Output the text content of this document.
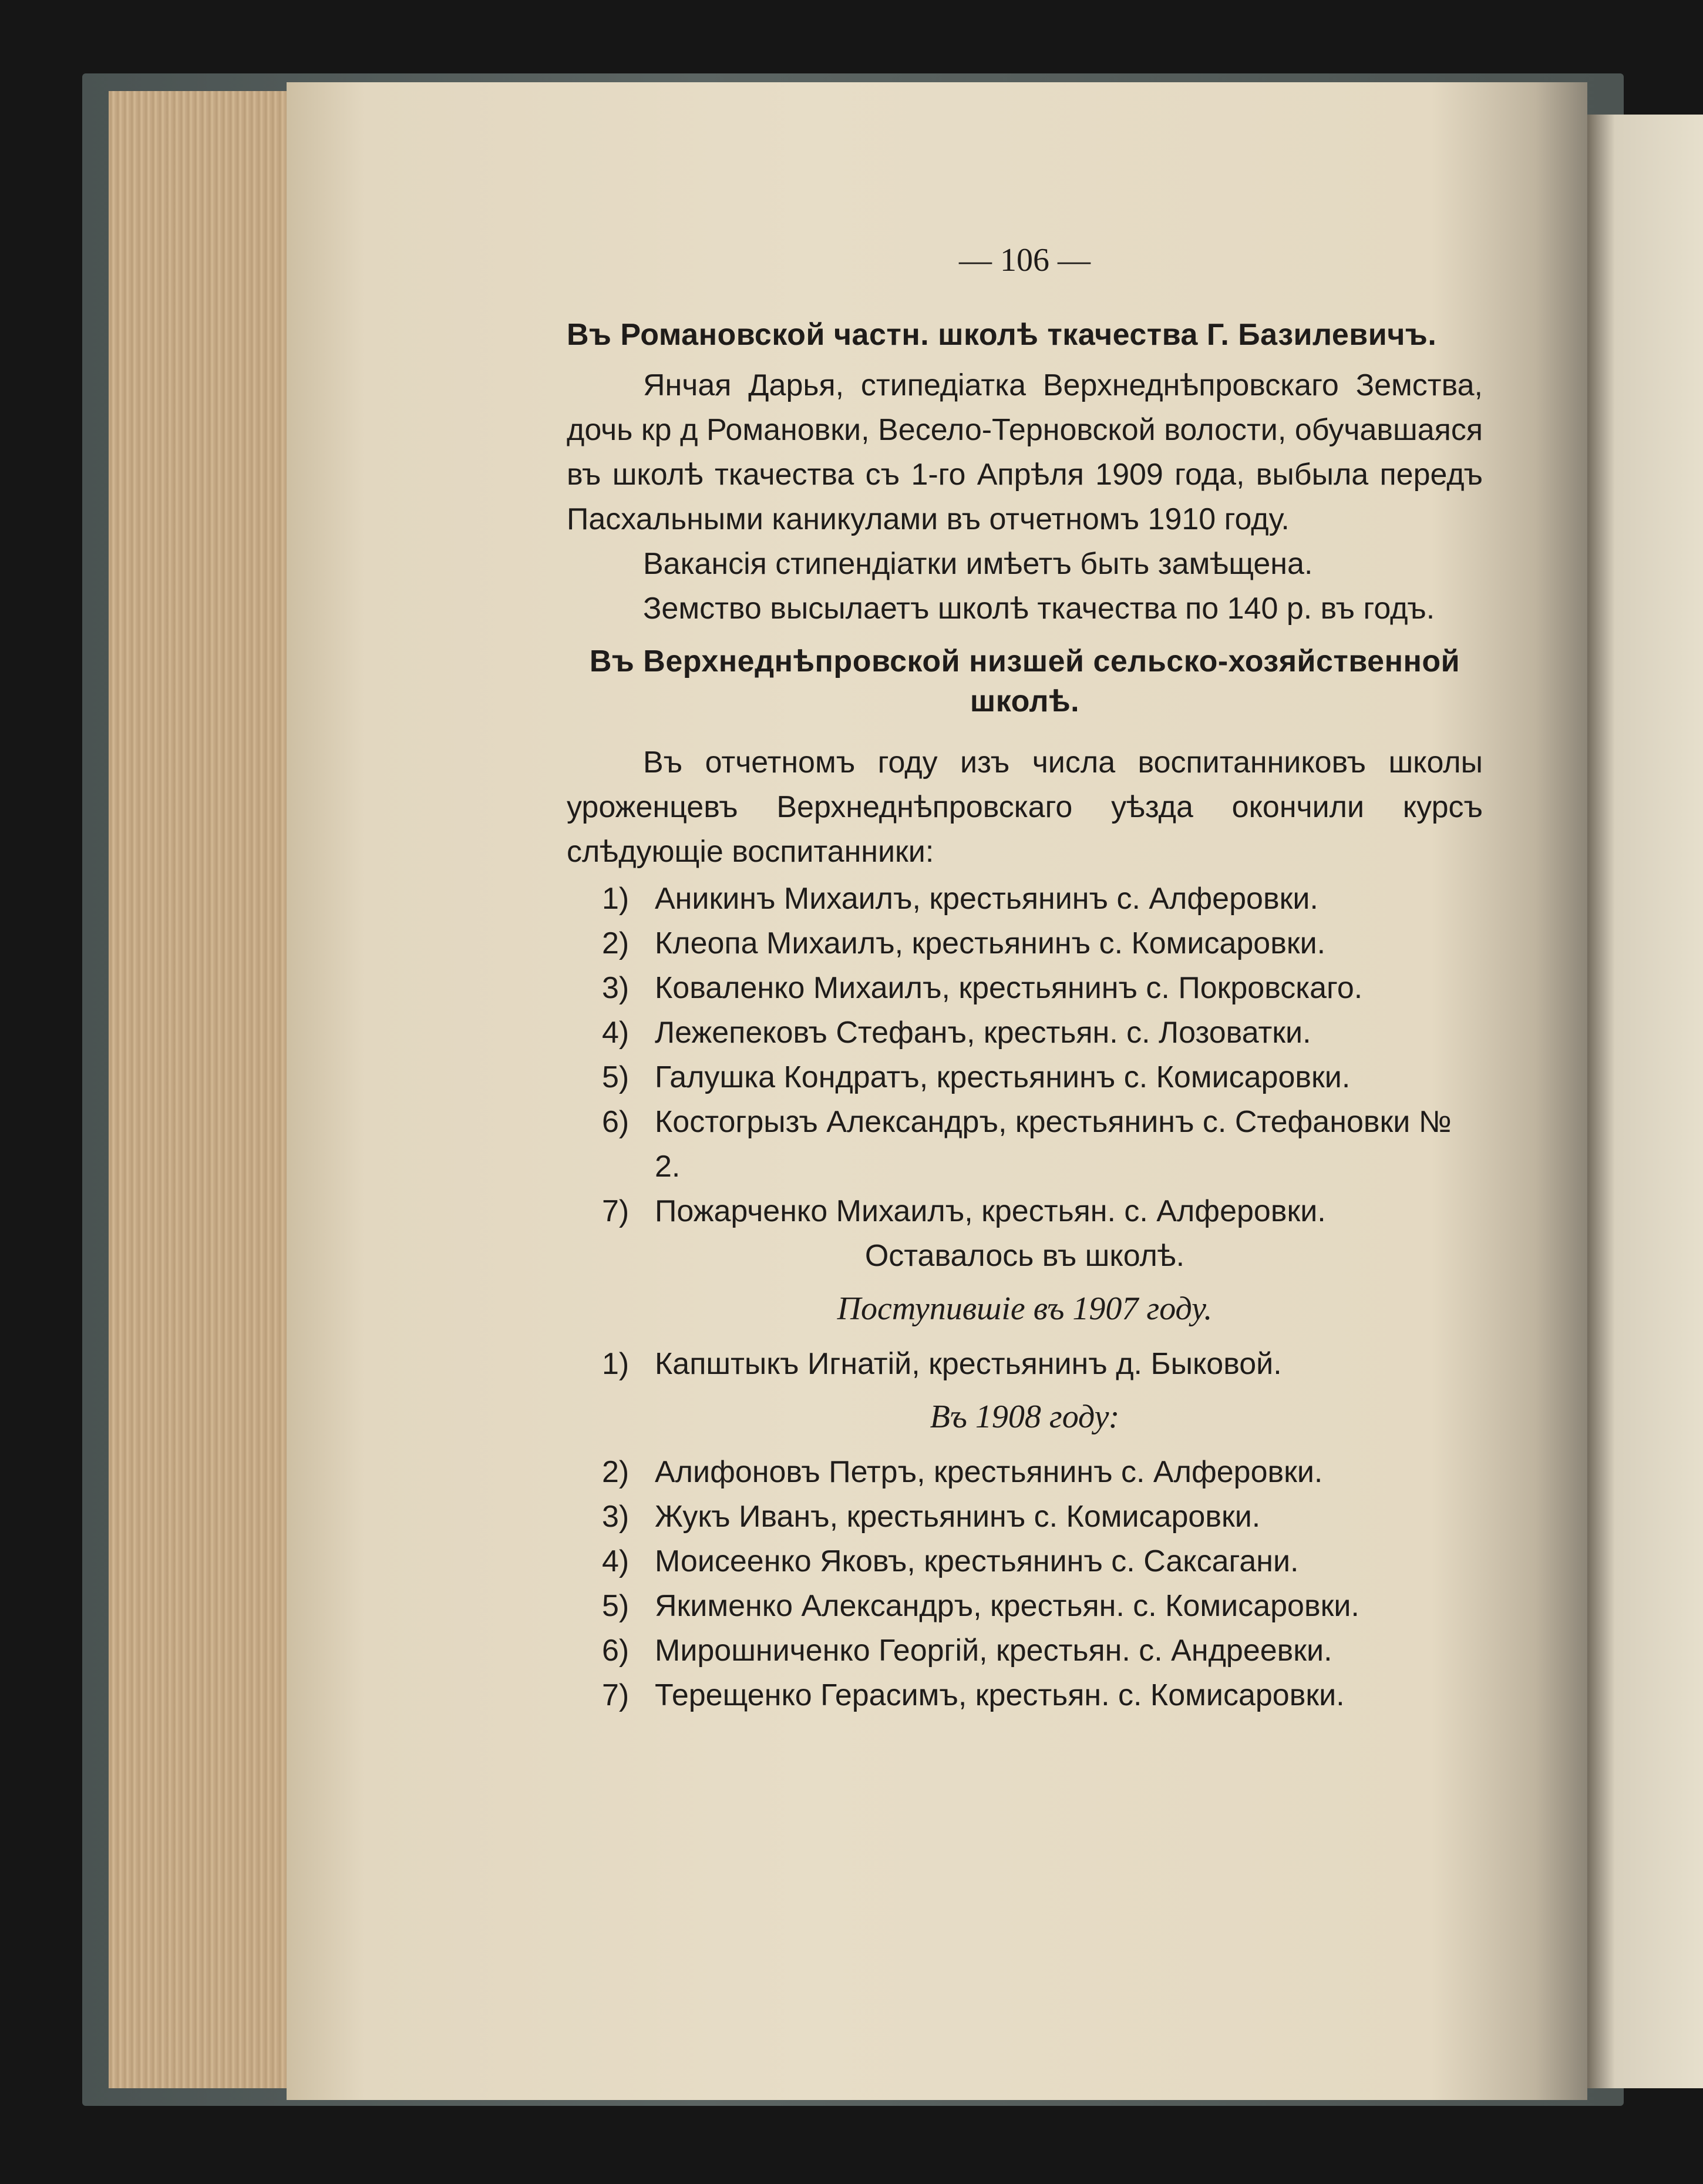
— 106 —
Въ Романовской частн. школѣ ткачества Г. Базилевичъ.

Янчая Дарья, стипедіатка Верхнеднѣпровскаго Земства, дочь кр д Романовки, Весело-Терновской волости, обучавшаяся въ школѣ ткачества съ 1-го Апрѣля 1909 года, выбыла передъ Пасхальными каникулами въ отчетномъ 1910 году.

Вакансія стипендіатки имѣетъ быть замѣщена.

Земство высылаетъ школѣ ткачества по 140 р. въ годъ.

Въ Верхнеднѣпровской низшей сельско-хозяйственной школѣ.

Въ отчетномъ году изъ числа воспитанниковъ школы уроженцевъ Верхнеднѣпровскаго уѣзда окончили курсъ слѣдующіе воспитанники:

1) Аникинъ Михаилъ, крестьянинъ с. Алферовки.
2) Клеопа Михаилъ, крестьянинъ с. Комисаровки.
3) Коваленко Михаилъ, крестьянинъ с. Покровскаго.
4) Лежепековъ Стефанъ, крестьян. с. Лозоватки.
5) Галушка Кондратъ, крестьянинъ с. Комисаровки.
6) Костогрызъ Александръ, крестьянинъ с. Стефановки № 2.
7) Пожарченко Михаилъ, крестьян. с. Алферовки.

Оставалось въ школѣ.

Поступившіе въ 1907 году.
1) Капштыкъ Игнатій, крестьянинъ д. Быковой.
Въ 1908 году:
2) Алифоновъ Петръ, крестьянинъ с. Алферовки.
3) Жукъ Иванъ, крестьянинъ с. Комисаровки.
4) Моисеенко Яковъ, крестьянинъ с. Саксагани.
5) Якименко Александръ, крестьян. с. Комисаровки.
6) Мирошниченко Георгій, крестьян. с. Андреевки.
7) Терещенко Герасимъ, крестьян. с. Комисаровки.
